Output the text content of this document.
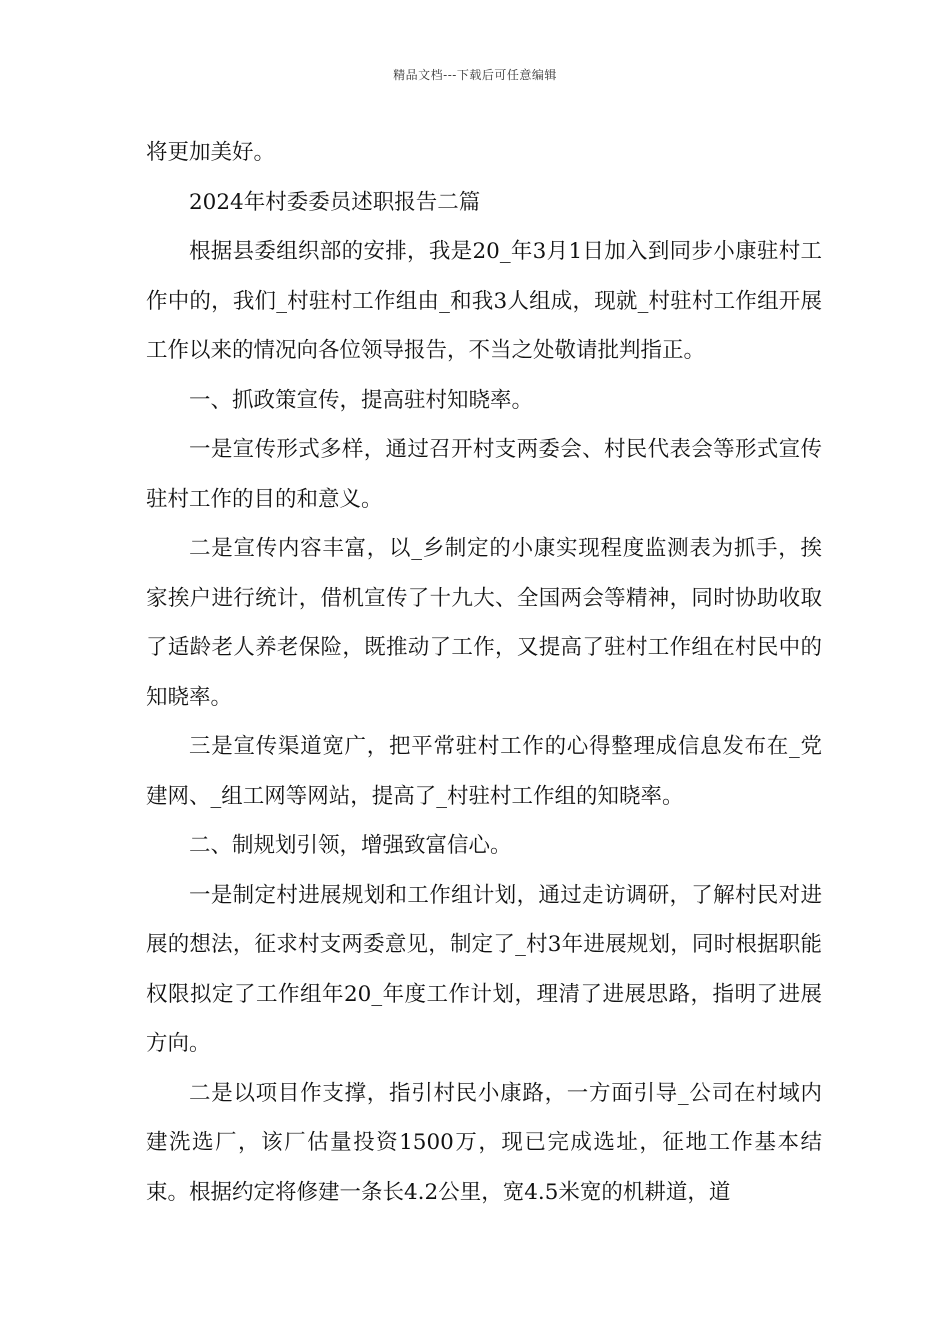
精品文档---下载后可任意编辑

将更加美好。

2024年村委委员述职报告二篇

根据县委组织部的安排，我是20_年3月1日加入到同步小康驻村工作中的，我们_村驻村工作组由_和我3人组成，现就_村驻村工作组开展工作以来的情况向各位领导报告，不当之处敬请批判指正。

一、抓政策宣传，提高驻村知晓率。

一是宣传形式多样，通过召开村支两委会、村民代表会等形式宣传驻村工作的目的和意义。

二是宣传内容丰富，以_乡制定的小康实现程度监测表为抓手，挨家挨户进行统计，借机宣传了十九大、全国两会等精神，同时协助收取了适龄老人养老保险，既推动了工作，又提高了驻村工作组在村民中的知晓率。

三是宣传渠道宽广，把平常驻村工作的心得整理成信息发布在_党建网、_组工网等网站，提高了_村驻村工作组的知晓率。

二、制规划引领，增强致富信心。

一是制定村进展规划和工作组计划，通过走访调研，了解村民对进展的想法，征求村支两委意见，制定了_村3年进展规划，同时根据职能权限拟定了工作组年20_年度工作计划，理清了进展思路，指明了进展方向。

二是以项目作支撑，指引村民小康路，一方面引导_公司在村域内建洗选厂，该厂估量投资1500万，现已完成选址，征地工作基本结束。根据约定将修建一条长4.2公里，宽4.5米宽的机耕道，道
